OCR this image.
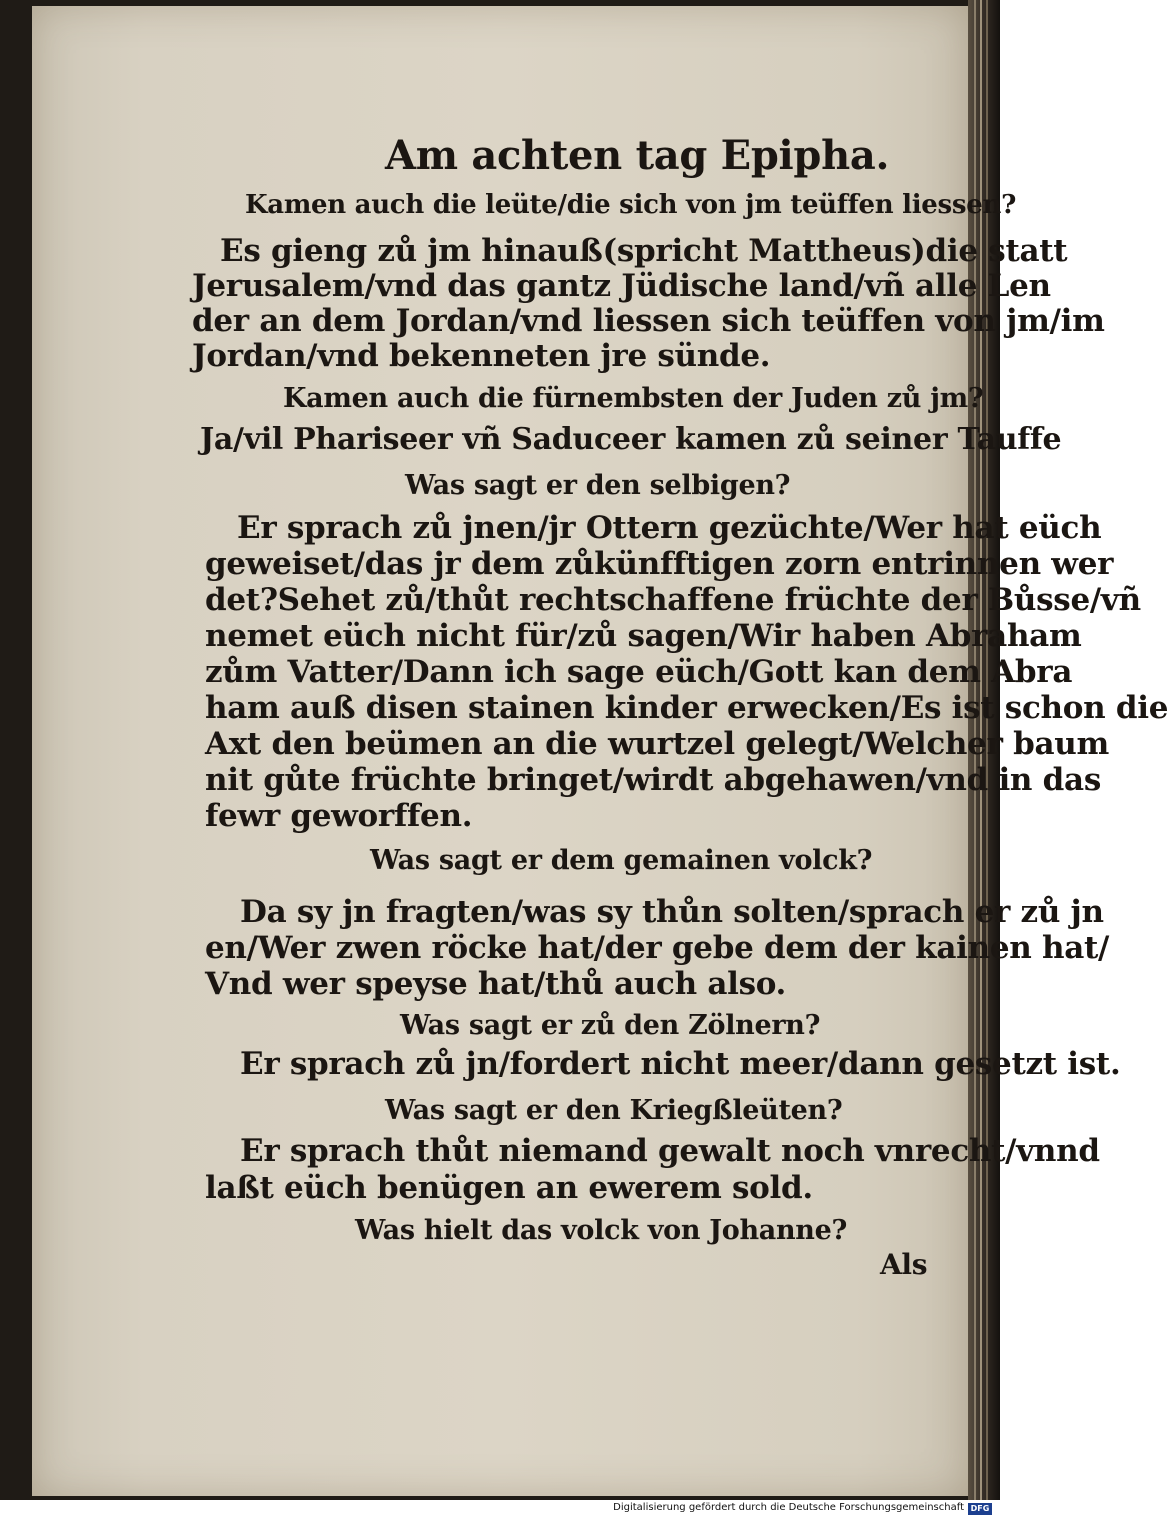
Am achten tag Epipha.
Kamen auch die leüte/die sich von jm teüffen liessen?
Es gieng zů jm hinauß(spricht Mattheus)die statt
Jerusalem/vnd das gantz Jüdische land/vñ alle Len
der an dem Jordan/vnd liessen sich teüffen von jm/im
Jordan/vnd bekenneten jre sünde.
Kamen auch die fürnembsten der Juden zů jm?
Ja/vil Phariseer vñ Saduceer kamen zů seiner Tauffe
Was sagt er den selbigen?
Er sprach zů jnen/jr Ottern gezüchte/Wer hat eüch
geweiset/das jr dem zůkünfftigen zorn entrinnen wer
det?Sehet zů/thůt rechtschaffene früchte der Bůsse/vñ
nemet eüch nicht für/zů sagen/Wir haben Abraham
zům Vatter/Dann ich sage eüch/Gott kan dem Abra
ham auß disen stainen kinder erwecken/Es ist schon die
Axt den beümen an die wurtzel gelegt/Welcher baum
nit gůte früchte bringet/wirdt abgehawen/vnd in das
fewr geworffen.
Was sagt er dem gemainen volck?
Da sy jn fragten/was sy thůn solten/sprach er zů jn
en/Wer zwen röcke hat/der gebe dem der kainen hat/
Vnd wer speyse hat/thů auch also.
Was sagt er zů den Zölnern?
Er sprach zů jn/fordert nicht meer/dann gesetzt ist.
Was sagt er den Kriegßleüten?
Er sprach thůt niemand gewalt noch vnrecht/vnnd
laßt eüch benügen an ewerem sold.
Was hielt das volck von Johanne?
Als
Digitalisierung gefördert durch die Deutsche Forschungsgemeinschaft DFG
